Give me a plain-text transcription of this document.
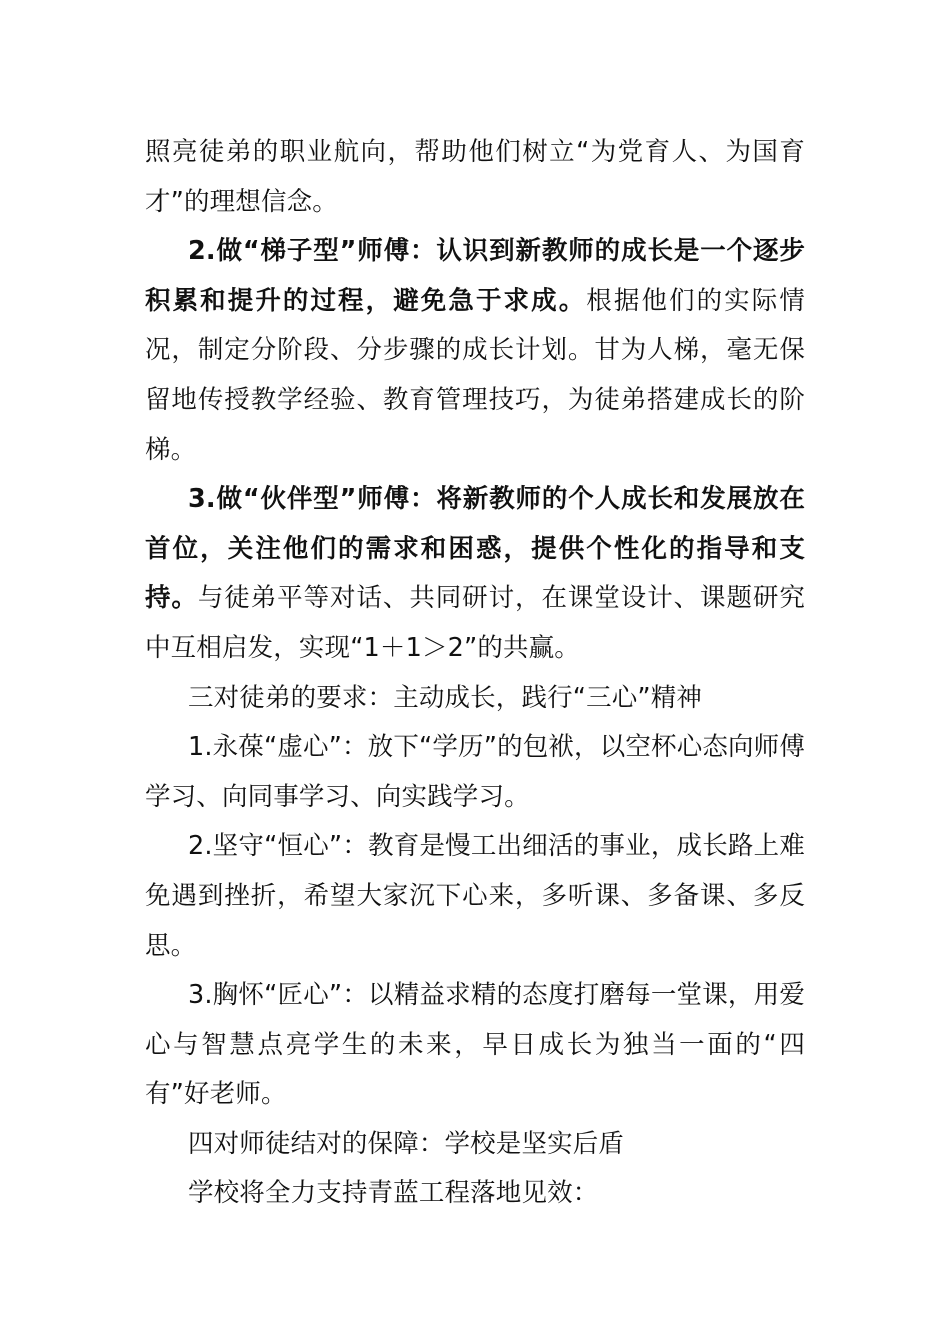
照亮徒弟的职业航向，帮助他们树立“为党育人、为国育才”的理想信念。

2.做“梯子型”师傅：认识到新教师的成长是一个逐步积累和提升的过程，避免急于求成。根据他们的实际情况，制定分阶段、分步骤的成长计划。甘为人梯，毫无保留地传授教学经验、教育管理技巧，为徒弟搭建成长的阶梯。

3.做“伙伴型”师傅：将新教师的个人成长和发展放在首位，关注他们的需求和困惑，提供个性化的指导和支持。与徒弟平等对话、共同研讨，在课堂设计、课题研究中互相启发，实现“1＋1＞2”的共赢。

三对徒弟的要求：主动成长，践行“三心”精神

1.永葆“虚心”：放下“学历”的包袱，以空杯心态向师傅学习、向同事学习、向实践学习。

2.坚守“恒心”：教育是慢工出细活的事业，成长路上难免遇到挫折，希望大家沉下心来，多听课、多备课、多反思。

3.胸怀“匠心”：以精益求精的态度打磨每一堂课，用爱心与智慧点亮学生的未来，早日成长为独当一面的“四有”好老师。

四对师徒结对的保障：学校是坚实后盾

学校将全力支持青蓝工程落地见效：
